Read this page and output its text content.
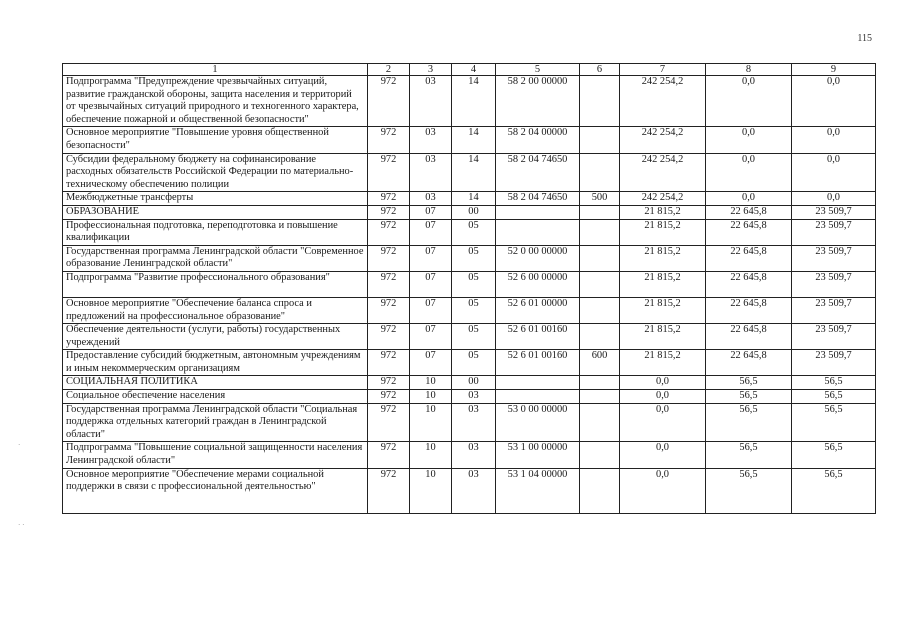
115
1	2	3	4	5	6	7	8	9
Подпрограмма "Предупреждение чрезвычайных ситуаций, развитие гражданской обороны, защита населения и территорий от чрезвычайных ситуаций природного и техногенного характера, обеспечение пожарной и общественной безопасности"	972	03	14	58 2 00 00000		242 254,2	0,0	0,0
Основное мероприятие "Повышение уровня общественной безопасности"	972	03	14	58 2 04 00000		242 254,2	0,0	0,0
Субсидии федеральному бюджету на софинансирование расходных обязательств Российской Федерации по материально-техническому обеспечению полиции	972	03	14	58 2 04 74650		242 254,2	0,0	0,0
Межбюджетные трансферты	972	03	14	58 2 04 74650	500	242 254,2	0,0	0,0
ОБРАЗОВАНИЕ	972	07	00			21 815,2	22 645,8	23 509,7
Профессиональная подготовка, переподготовка и повышение квалификации	972	07	05			21 815,2	22 645,8	23 509,7
Государственная программа Ленинградской области "Современное образование Ленинградской области"	972	07	05	52 0 00 00000		21 815,2	22 645,8	23 509,7
Подпрограмма "Развитие профессионального образования"	972	07	05	52 6 00 00000		21 815,2	22 645,8	23 509,7
Основное мероприятие "Обеспечение баланса спроса и предложений на профессиональное образование"	972	07	05	52 6 01 00000		21 815,2	22 645,8	23 509,7
Обеспечение деятельности (услуги, работы) государственных учреждений	972	07	05	52 6 01 00160		21 815,2	22 645,8	23 509,7
Предоставление субсидий бюджетным, автономным учреждениям и иным некоммерческим организациям	972	07	05	52 6 01 00160	600	21 815,2	22 645,8	23 509,7
СОЦИАЛЬНАЯ ПОЛИТИКА	972	10	00			0,0	56,5	56,5
Социальное обеспечение населения	972	10	03			0,0	56,5	56,5
Государственная программа Ленинградской области "Социальная поддержка отдельных категорий граждан в Ленинградской области"	972	10	03	53 0 00 00000		0,0	56,5	56,5
Подпрограмма "Повышение социальной защищенности населения Ленинградской области"	972	10	03	53 1 00 00000		0,0	56,5	56,5
Основное мероприятие "Обеспечение мерами социальной поддержки в связи с профессиональной деятельностью"	972	10	03	53 1 04 00000		0,0	56,5	56,5
·
· ·
